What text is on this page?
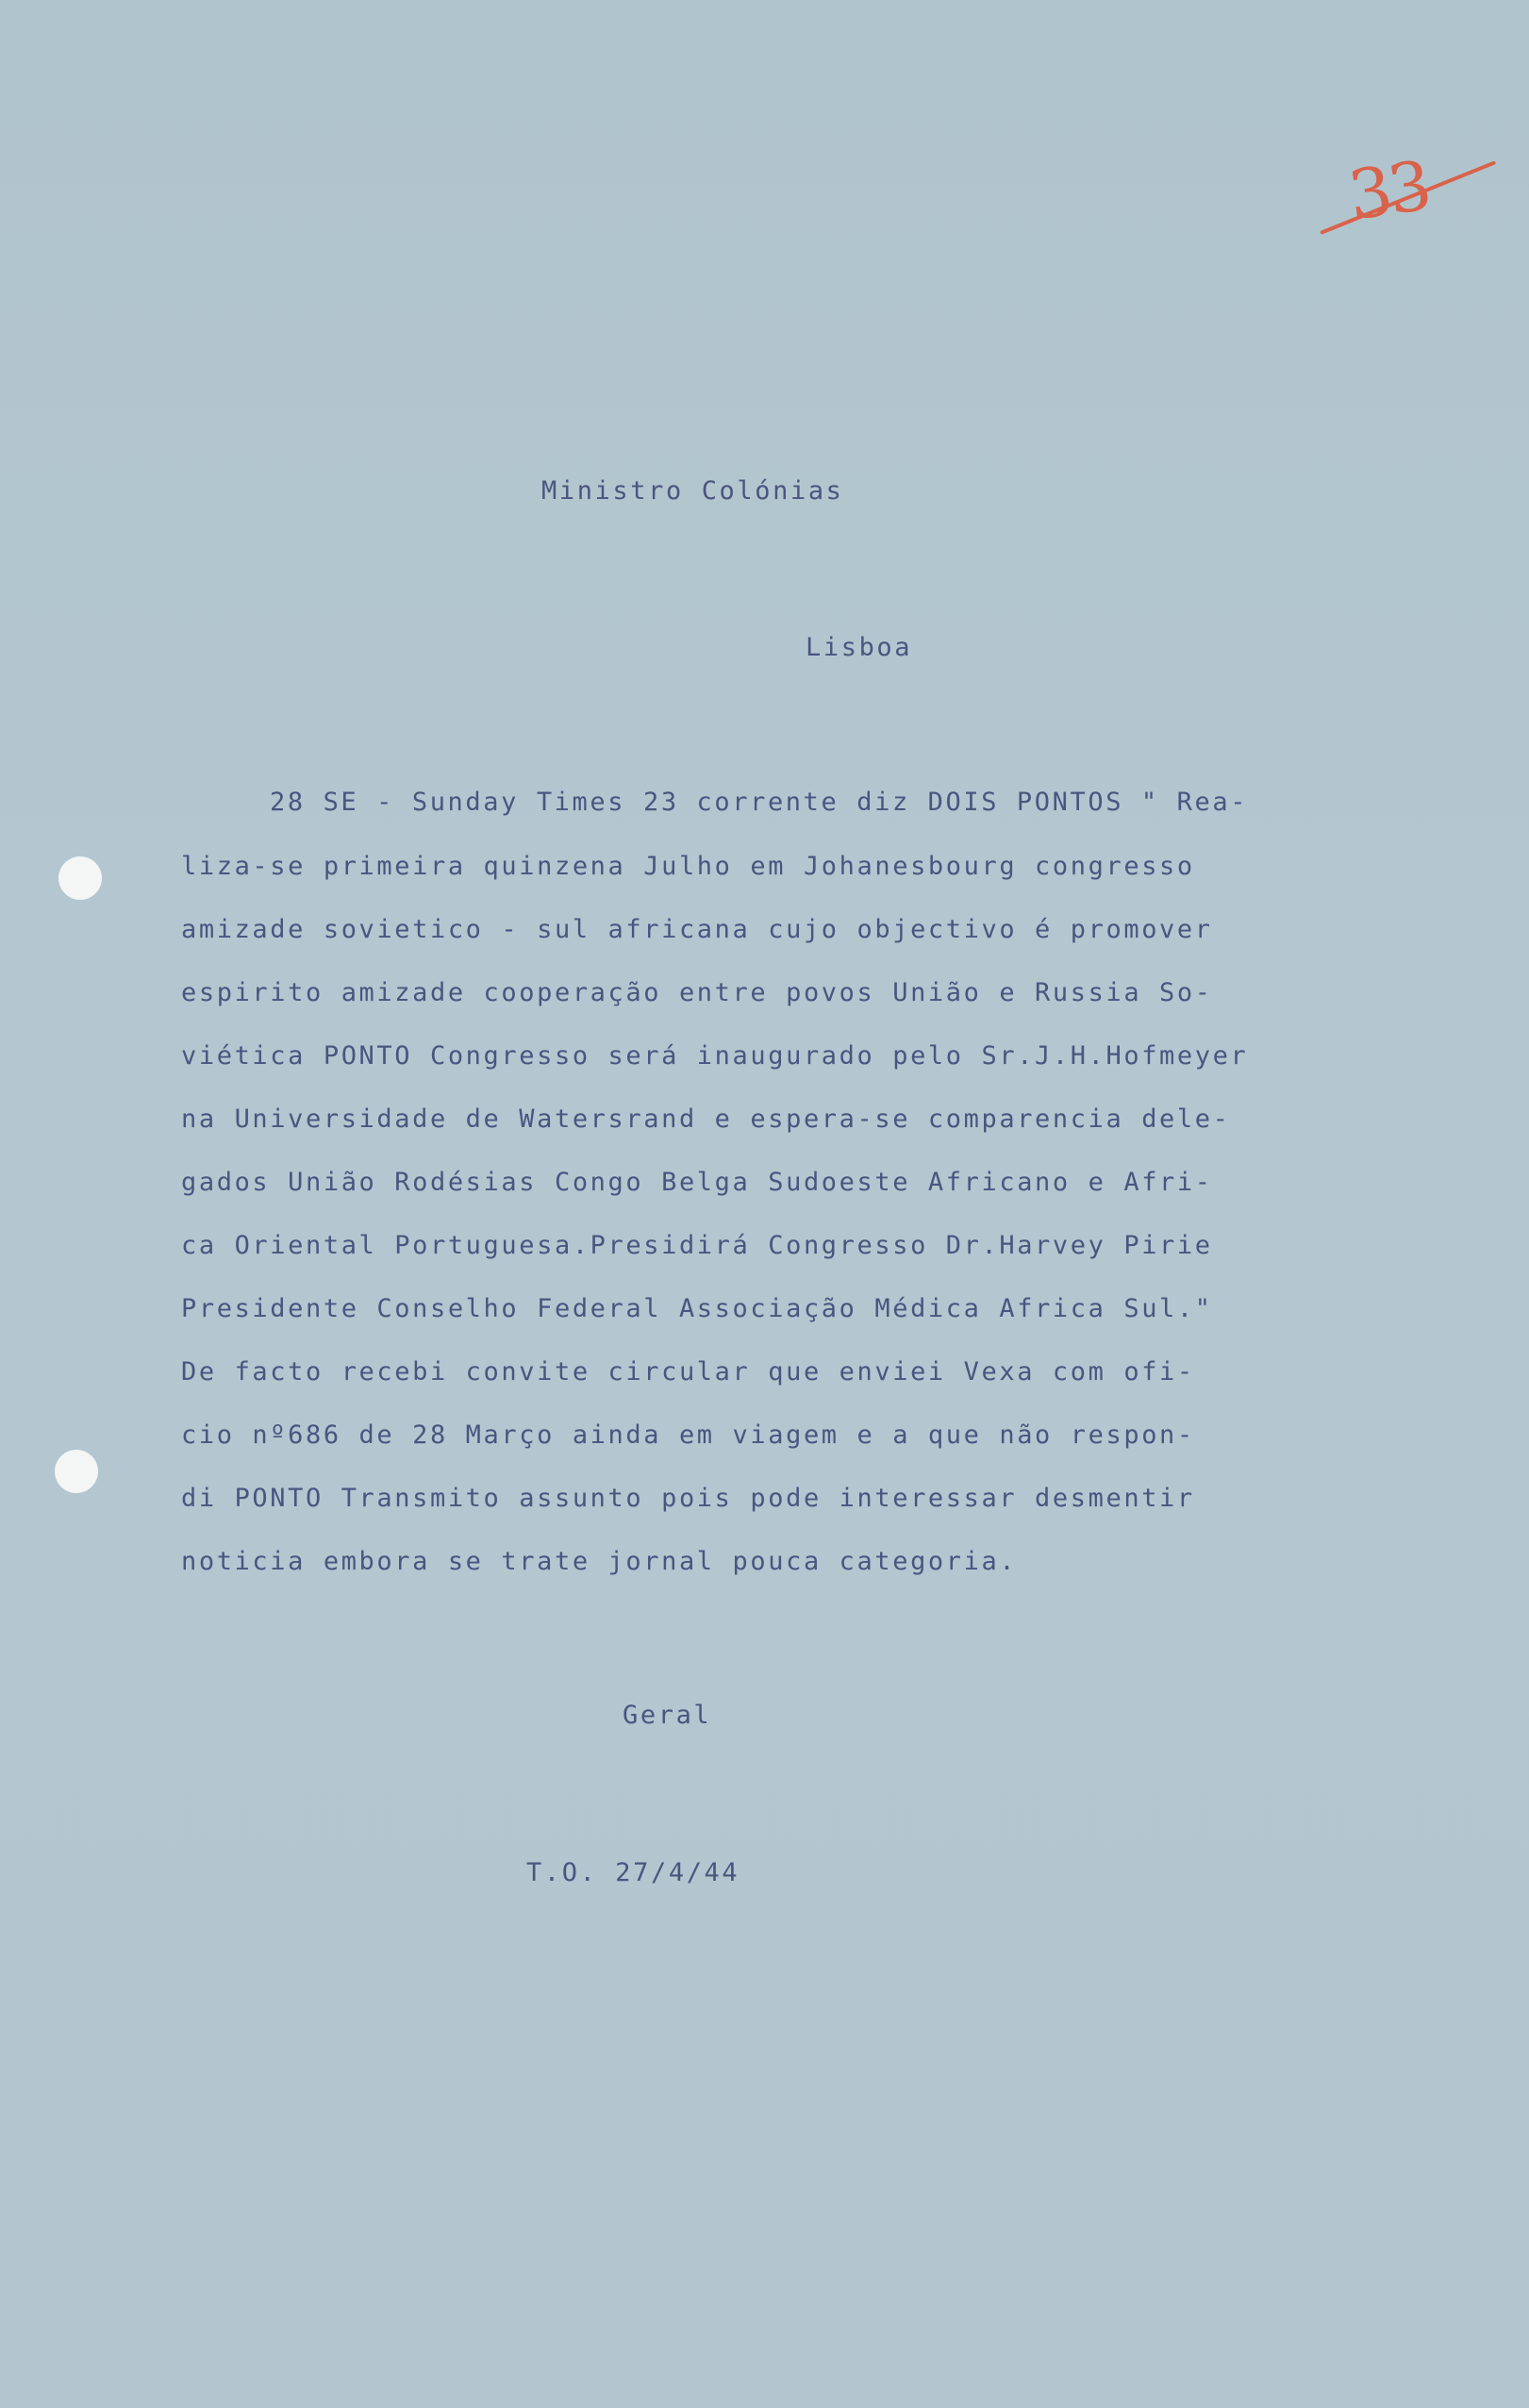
33
Ministro Colónias
Lisboa
28 SE - Sunday Times 23 corrente diz DOIS PONTOS " Rea-
liza-se primeira quinzena Julho em Johanesbourg congresso
amizade sovietico - sul africana cujo objectivo é promover
espirito amizade cooperação entre povos União e Russia So-
viética PONTO Congresso será inaugurado pelo Sr.J.H.Hofmeyer
na Universidade de Watersrand e espera-se comparencia dele-
gados União Rodésias Congo Belga Sudoeste Africano e Afri-
ca Oriental Portuguesa.Presidirá Congresso Dr.Harvey Pirie
Presidente Conselho Federal Associação Médica Africa Sul."
De facto recebi convite circular que enviei Vexa com ofi-
cio nº686 de 28 Março ainda em viagem e a que não respon-
di PONTO Transmito assunto pois pode interessar desmentir
noticia embora se trate jornal pouca categoria.
Geral
T.O. 27/4/44
